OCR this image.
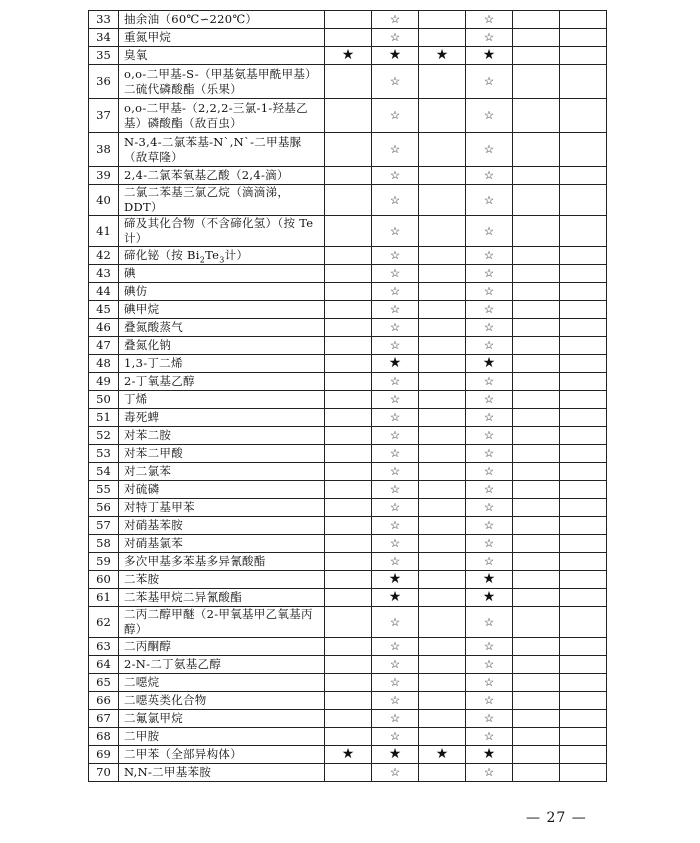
33	抽余油（60℃∽220℃）		☆		☆		
34	重氮甲烷		☆		☆		
35	臭氧	★	★	★	★		
36	o,o-二甲基-S-（甲基氨基甲酰甲基）二硫代磷酸酯（乐果）		☆		☆		
37	o,o-二甲基-（2,2,2-三氯-1-羟基乙基）磷酸酯（敌百虫）		☆		☆		
38	N-3,4-二氯苯基-N`,N`-二甲基脲（敌草隆）		☆		☆		
39	2,4-二氯苯氧基乙酸（2,4-滴）		☆		☆		
40	二氯二苯基三氯乙烷（滴滴涕，DDT）		☆		☆		
41	碲及其化合物（不含碲化氢）（按 Te 计）		☆		☆		
42	碲化铋（按 $Bi_2Te_3$计）		☆		☆		
43	碘		☆		☆		
44	碘仿		☆		☆		
45	碘甲烷		☆		☆		
46	叠氮酸蒸气		☆		☆		
47	叠氮化钠		☆		☆		
48	1,3-丁二烯		★		★		
49	2-丁氧基乙醇		☆		☆		
50	丁烯		☆		☆		
51	毒死蜱		☆		☆		
52	对苯二胺		☆		☆		
53	对苯二甲酸		☆		☆		
54	对二氯苯		☆		☆		
55	对硫磷		☆		☆		
56	对特丁基甲苯		☆		☆		
57	对硝基苯胺		☆		☆		
58	对硝基氯苯		☆		☆		
59	多次甲基多苯基多异氰酸酯		☆		☆		
60	二苯胺		★		★		
61	二苯基甲烷二异氰酸酯		★		★		
62	二丙二醇甲醚（2-甲氧基甲乙氧基丙醇）		☆		☆		
63	二丙酮醇		☆		☆		
64	2-N-二丁氨基乙醇		☆		☆		
65	二噁烷		☆		☆		
66	二噁英类化合物		☆		☆		
67	二氟氯甲烷		☆		☆		
68	二甲胺		☆		☆		
69	二甲苯（全部异构体）	★	★	★	★		
70	N,N-二甲基苯胺		☆		☆		
— 27 —
